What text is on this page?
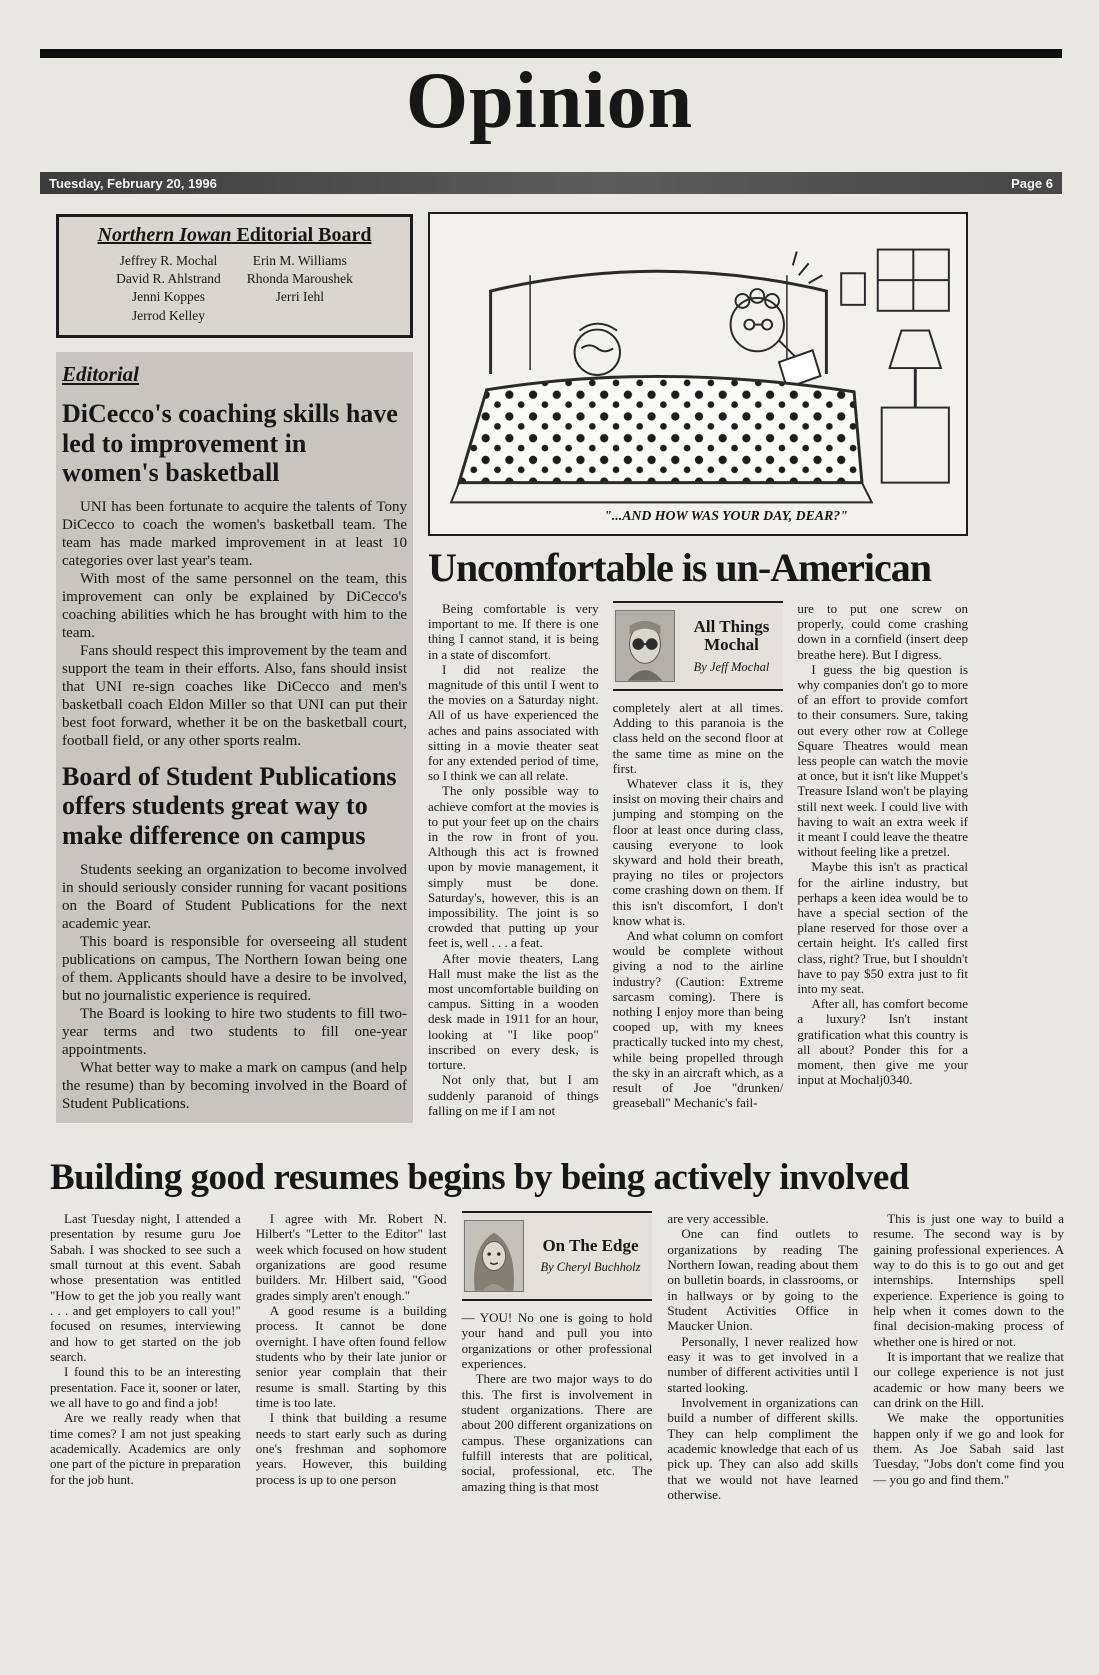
Opinion
Tuesday, February 20, 1996	Page 6
Northern Iowan Editorial Board
Jeffrey R. Mochal
David R. Ahlstrand
Jenni Koppes
Jerrod Kelley
Erin M. Williams
Rhonda Maroushek
Jerri Iehl
Editorial
DiCecco's coaching skills have led to improvement in women's basketball

UNI has been fortunate to acquire the talents of Tony DiCecco to coach the women's basketball team. The team has made marked improvement in at least 10 categories over last year's team.

With most of the same personnel on the team, this improvement can only be explained by DiCecco's coaching abilities which he has brought with him to the team.

Fans should respect this improvement by the team and support the team in their efforts. Also, fans should insist that UNI re-sign coaches like DiCecco and men's basketball coach Eldon Miller so that UNI can put their best foot forward, whether it be on the basketball court, football field, or any other sports realm.

Board of Student Publications offers students great way to make difference on campus

Students seeking an organization to become involved in should seriously consider running for vacant positions on the Board of Student Publications for the next academic year.

This board is responsible for overseeing all student publications on campus, The Northern Iowan being one of them. Applicants should have a desire to be involved, but no journalistic experience is required.

The Board is looking to hire two students to fill two-year terms and two students to fill one-year appointments.

What better way to make a mark on campus (and help the resume) than by becoming involved in the Board of Student Publications.

"...AND HOW WAS YOUR DAY, DEAR?"
Uncomfortable is un-American

Being comfortable is very important to me. If there is one thing I cannot stand, it is being in a state of discomfort.

I did not realize the magnitude of this until I went to the movies on a Saturday night. All of us have experienced the aches and pains associated with sitting in a movie theater seat for any extended period of time, so I think we can all relate.

The only possible way to achieve comfort at the movies is to put your feet up on the chairs in the row in front of you. Although this act is frowned upon by movie management, it simply must be done. Saturday's, however, this is an impossibility. The joint is so crowded that putting up your feet is, well . . . a feat.

After movie theaters, Lang Hall must make the list as the most uncomfortable building on campus. Sitting in a wooden desk made in 1911 for an hour, looking at "I like poop" inscribed on every desk, is torture.

Not only that, but I am suddenly paranoid of things falling on me if I am not

All Things Mochal
By Jeff Mochal

completely alert at all times. Adding to this paranoia is the class held on the second floor at the same time as mine on the first.

Whatever class it is, they insist on moving their chairs and jumping and stomping on the floor at least once during class, causing everyone to look skyward and hold their breath, praying no tiles or projectors come crashing down on them. If this isn't discomfort, I don't know what is.

And what column on comfort would be complete without giving a nod to the airline industry? (Caution: Extreme sarcasm coming). There is nothing I enjoy more than being cooped up, with my knees practically tucked into my chest, while being propelled through the sky in an aircraft which, as a result of Joe "drunken/ greaseball" Mechanic's fail-

ure to put one screw on properly, could come crashing down in a cornfield (insert deep breathe here). But I digress.

I guess the big question is why companies don't go to more of an effort to provide comfort to their consumers. Sure, taking out every other row at College Square Theatres would mean less people can watch the movie at once, but it isn't like Muppet's Treasure Island won't be playing still next week. I could live with having to wait an extra week if it meant I could leave the theatre without feeling like a pretzel.

Maybe this isn't as practical for the airline industry, but perhaps a keen idea would be to have a special section of the plane reserved for those over a certain height. It's called first class, right? True, but I shouldn't have to pay $50 extra just to fit into my seat.

After all, has comfort become a luxury? Isn't instant gratification what this country is all about? Ponder this for a moment, then give me your input at Mochalj0340.

Building good resumes begins by being actively involved

Last Tuesday night, I attended a presentation by resume guru Joe Sabah. I was shocked to see such a small turnout at this event. Sabah whose presentation was entitled "How to get the job you really want . . . and get employers to call you!" focused on resumes, interviewing and how to get started on the job search.

I found this to be an interesting presentation. Face it, sooner or later, we all have to go and find a job!

Are we really ready when that time comes? I am not just speaking academically. Academics are only one part of the picture in preparation for the job hunt.

I agree with Mr. Robert N. Hilbert's "Letter to the Editor" last week which focused on how student organizations are good resume builders. Mr. Hilbert said, "Good grades simply aren't enough."

A good resume is a building process. It cannot be done overnight. I have often found fellow students who by their late junior or senior year complain that their resume is small. Starting by this time is too late.

I think that building a resume needs to start early such as during one's freshman and sophomore years. However, this building process is up to one person

On The Edge
By Cheryl Buchholz

— YOU! No one is going to hold your hand and pull you into organizations or other professional experiences.

There are two major ways to do this. The first is involvement in student organizations. There are about 200 different organizations on campus. These organizations can fulfill interests that are political, social, professional, etc. The amazing thing is that most

are very accessible.

One can find outlets to organizations by reading The Northern Iowan, reading about them on bulletin boards, in classrooms, or in hallways or by going to the Student Activities Office in Maucker Union.

Personally, I never realized how easy it was to get involved in a number of different activities until I started looking.

Involvement in organizations can build a number of different skills. They can help compliment the academic knowledge that each of us pick up. They can also add skills that we would not have learned otherwise.

This is just one way to build a resume. The second way is by gaining professional experiences. A way to do this is to go out and get internships. Internships spell experience. Experience is going to help when it comes down to the final decision-making process of whether one is hired or not.

It is important that we realize that our college experience is not just academic or how many beers we can drink on the Hill.

We make the opportunities happen only if we go and look for them. As Joe Sabah said last Tuesday, "Jobs don't come find you — you go and find them."
